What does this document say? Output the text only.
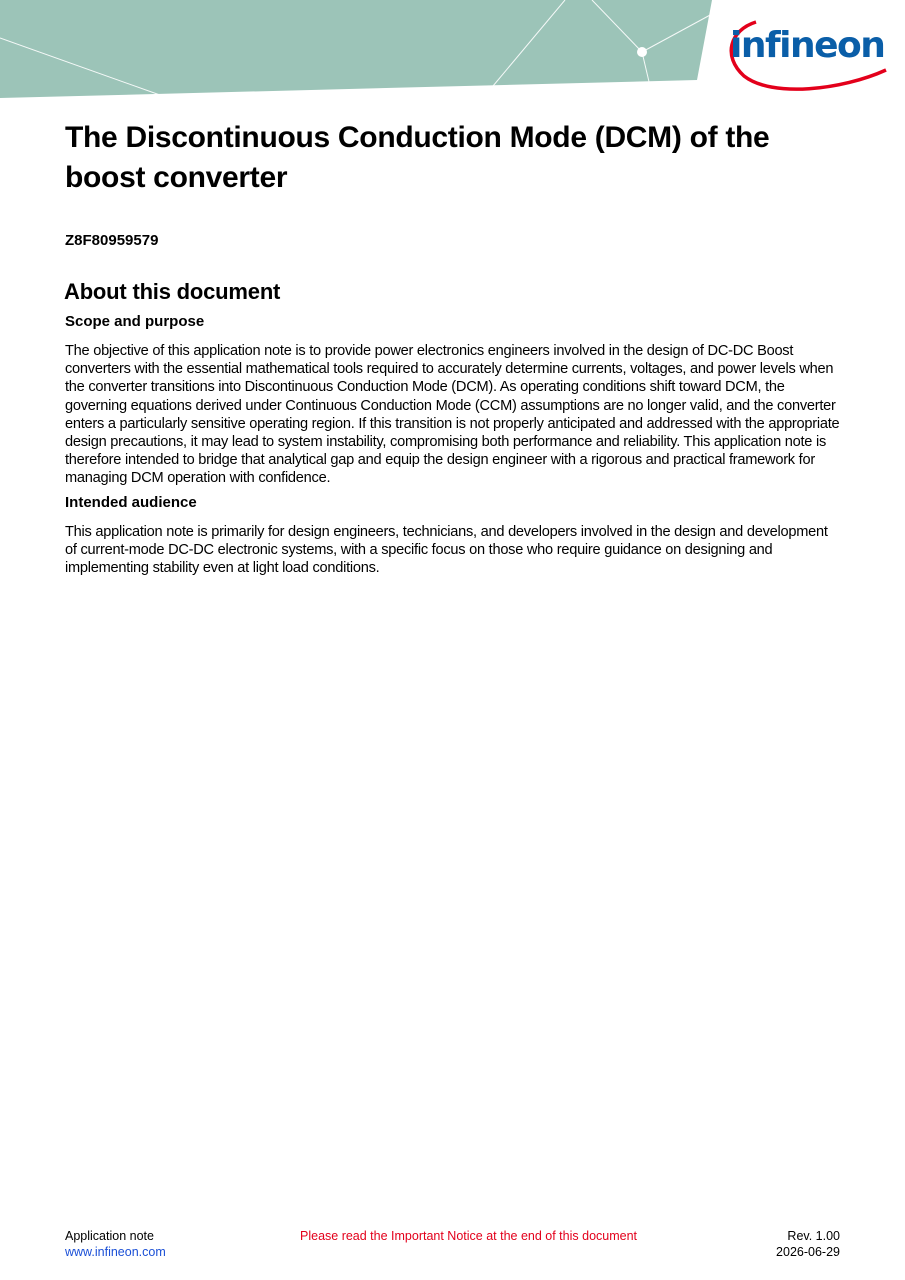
infineon
The Discontinuous Conduction Mode (DCM) of the boost converter
Z8F80959579
About this document
Scope and purpose
The objective of this application note is to provide power electronics engineers involved in the design of DC-DC Boost converters with the essential mathematical tools required to accurately determine currents, voltages, and power levels when the converter transitions into Discontinuous Conduction Mode (DCM). As operating conditions shift toward DCM, the governing equations derived under Continuous Conduction Mode (CCM) assumptions are no longer valid, and the converter enters a particularly sensitive operating region. If this transition is not properly anticipated and addressed with the appropriate design precautions, it may lead to system instability, compromising both performance and reliability. This application note is therefore intended to bridge that analytical gap and equip the design engineer with a rigorous and practical framework for managing DCM operation with confidence.
Intended audience
This application note is primarily for design engineers, technicians, and developers involved in the design and development of current-mode DC-DC electronic systems, with a specific focus on those who require guidance on designing and implementing stability even at light load conditions.
Application note
www.infineon.com
Please read the Important Notice at the end of this document	Rev. 1.00
2026-06-29
